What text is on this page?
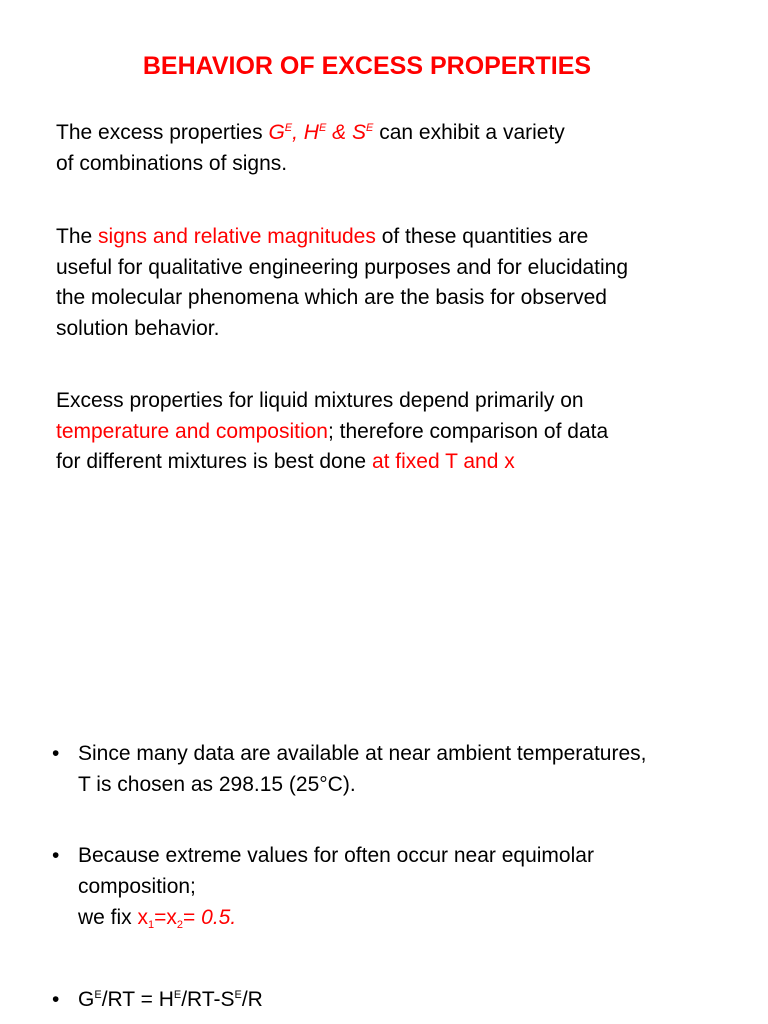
BEHAVIOR OF EXCESS PROPERTIES
The excess properties $G^E$, $H^E$ & $S^E$ can exhibit a variety
of combinations of signs.
The signs and relative magnitudes of these quantities are
useful for qualitative engineering purposes and for elucidating
the molecular phenomena which are the basis for observed
solution behavior.
Excess properties for liquid mixtures depend primarily on
temperature and composition; therefore comparison of data
for different mixtures is best done at fixed T and x
• Since many data are available at near ambient temperatures,
T is chosen as 298.15 (25°C).
• Because extreme values for often occur near equimolar
composition;

we fix $x_1=x_2= 0.5$.
• $G^E/RT = H^E/RT-S^E/R$
